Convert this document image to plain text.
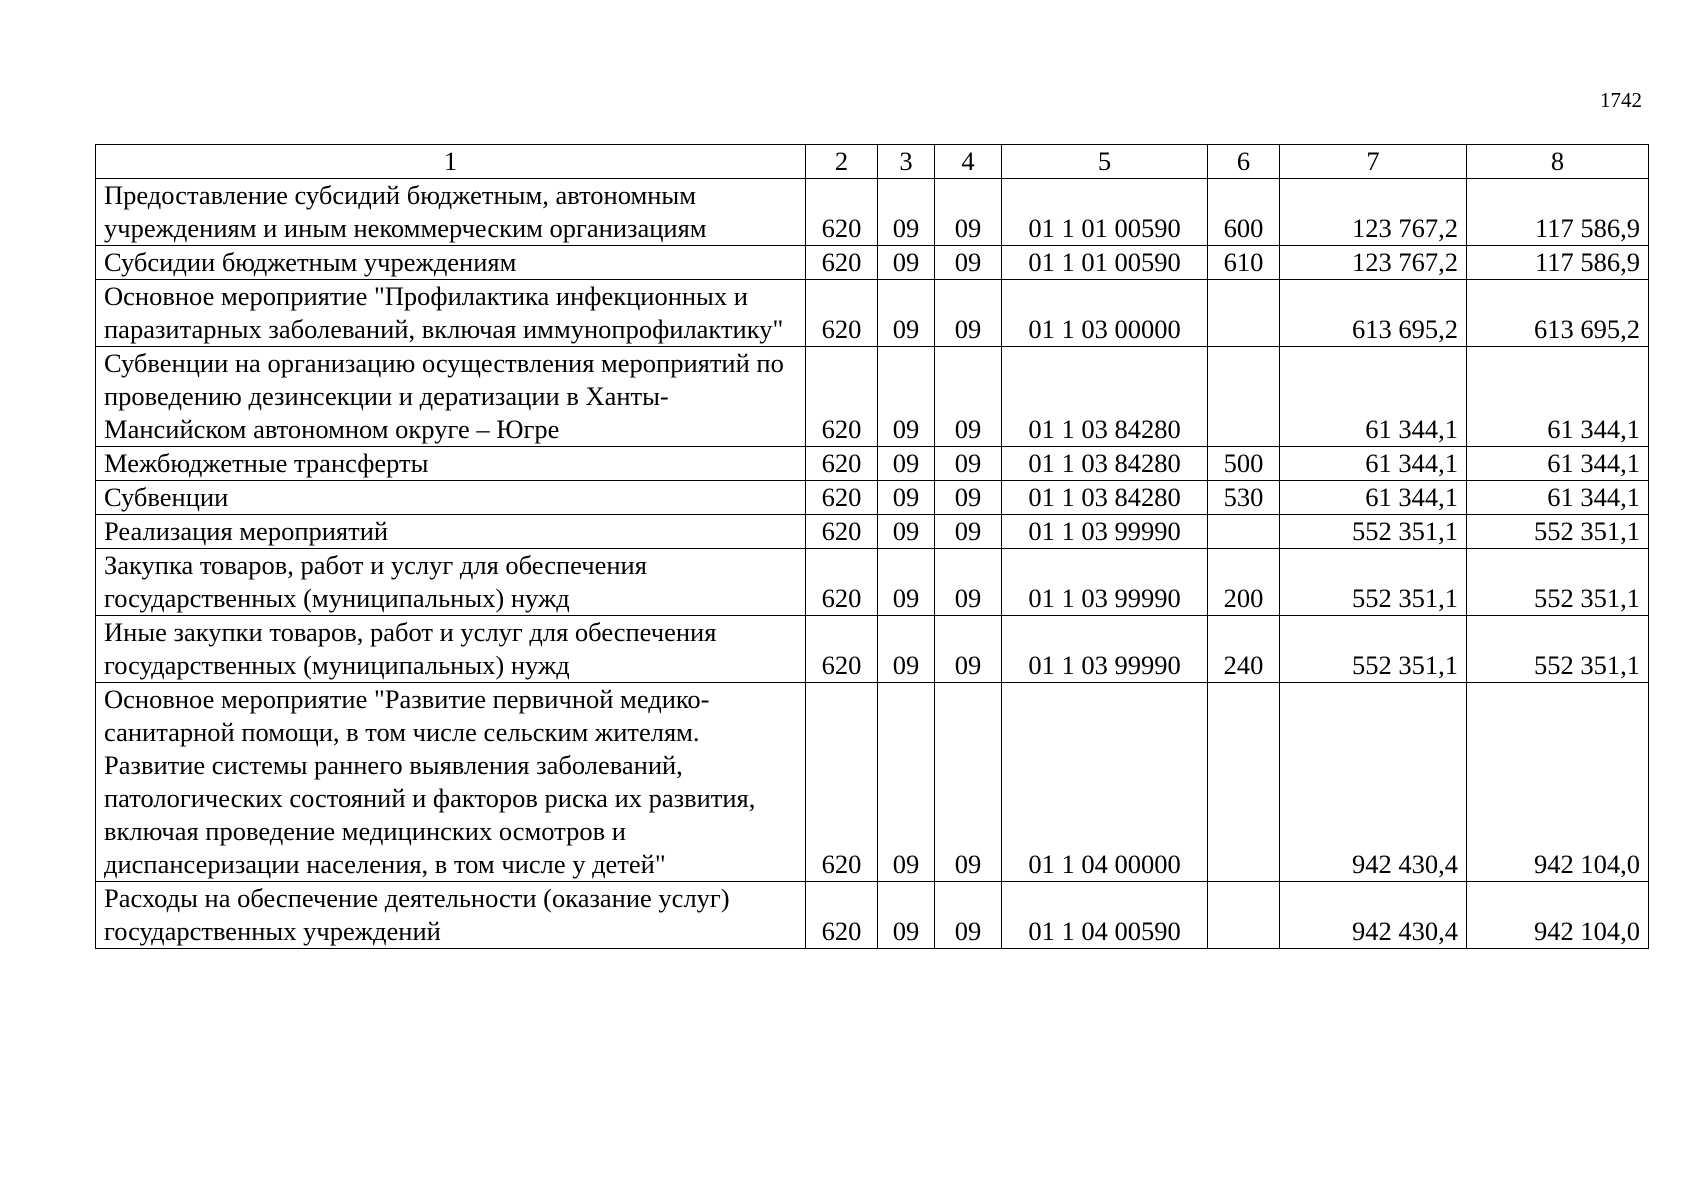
1742
1	2	3	4	5	6	7	8
Предоставление субсидий бюджетным, автономным учреждениям и иным некоммерческим организациям	620	09	09	01 1 01 00590	600	123 767,2	117 586,9
Субсидии бюджетным учреждениям	620	09	09	01 1 01 00590	610	123 767,2	117 586,9
Основное мероприятие "Профилактика инфекционных и паразитарных заболеваний, включая иммунопрофилактику"	620	09	09	01 1 03 00000		613 695,2	613 695,2
Субвенции на организацию осуществления мероприятий по проведению дезинсекции и дератизации в Ханты-Мансийском автономном округе – Югре	620	09	09	01 1 03 84280		61 344,1	61 344,1
Межбюджетные трансферты	620	09	09	01 1 03 84280	500	61 344,1	61 344,1
Субвенции	620	09	09	01 1 03 84280	530	61 344,1	61 344,1
Реализация мероприятий	620	09	09	01 1 03 99990		552 351,1	552 351,1
Закупка товаров, работ и услуг для обеспечения государственных (муниципальных) нужд	620	09	09	01 1 03 99990	200	552 351,1	552 351,1
Иные закупки товаров, работ и услуг для обеспечения государственных (муниципальных) нужд	620	09	09	01 1 03 99990	240	552 351,1	552 351,1
Основное мероприятие "Развитие первичной медико-санитарной помощи, в том числе сельским жителям. Развитие системы раннего выявления заболеваний, патологических состояний и факторов риска их развития, включая проведение медицинских осмотров и диспансеризации населения, в том числе у детей"	620	09	09	01 1 04 00000		942 430,4	942 104,0
Расходы на обеспечение деятельности (оказание услуг) государственных учреждений	620	09	09	01 1 04 00590		942 430,4	942 104,0
